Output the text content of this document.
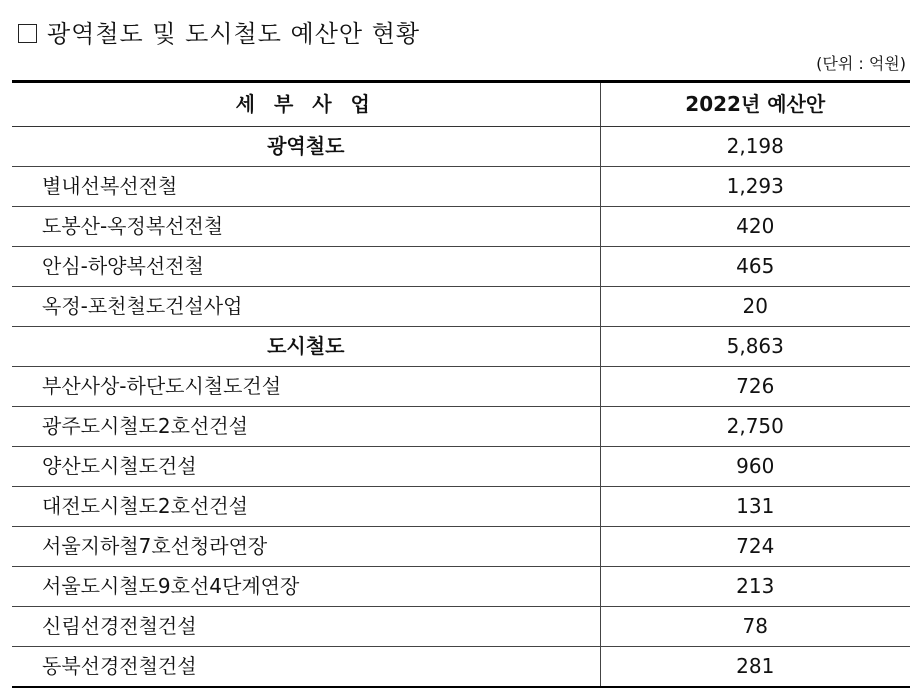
광역철도 및 도시철도 예산안 현황
(단위 : 억원)
세 부 사 업	2022년 예산안
광역철도	2,198
별내선복선전철	1,293
도봉산-옥정복선전철	420
안심-하양복선전철	465
옥정-포천철도건설사업	20
도시철도	5,863
부산사상-하단도시철도건설	726
광주도시철도2호선건설	2,750
양산도시철도건설	960
대전도시철도2호선건설	131
서울지하철7호선청라연장	724
서울도시철도9호선4단계연장	213
신림선경전철건설	78
동북선경전철건설	281
